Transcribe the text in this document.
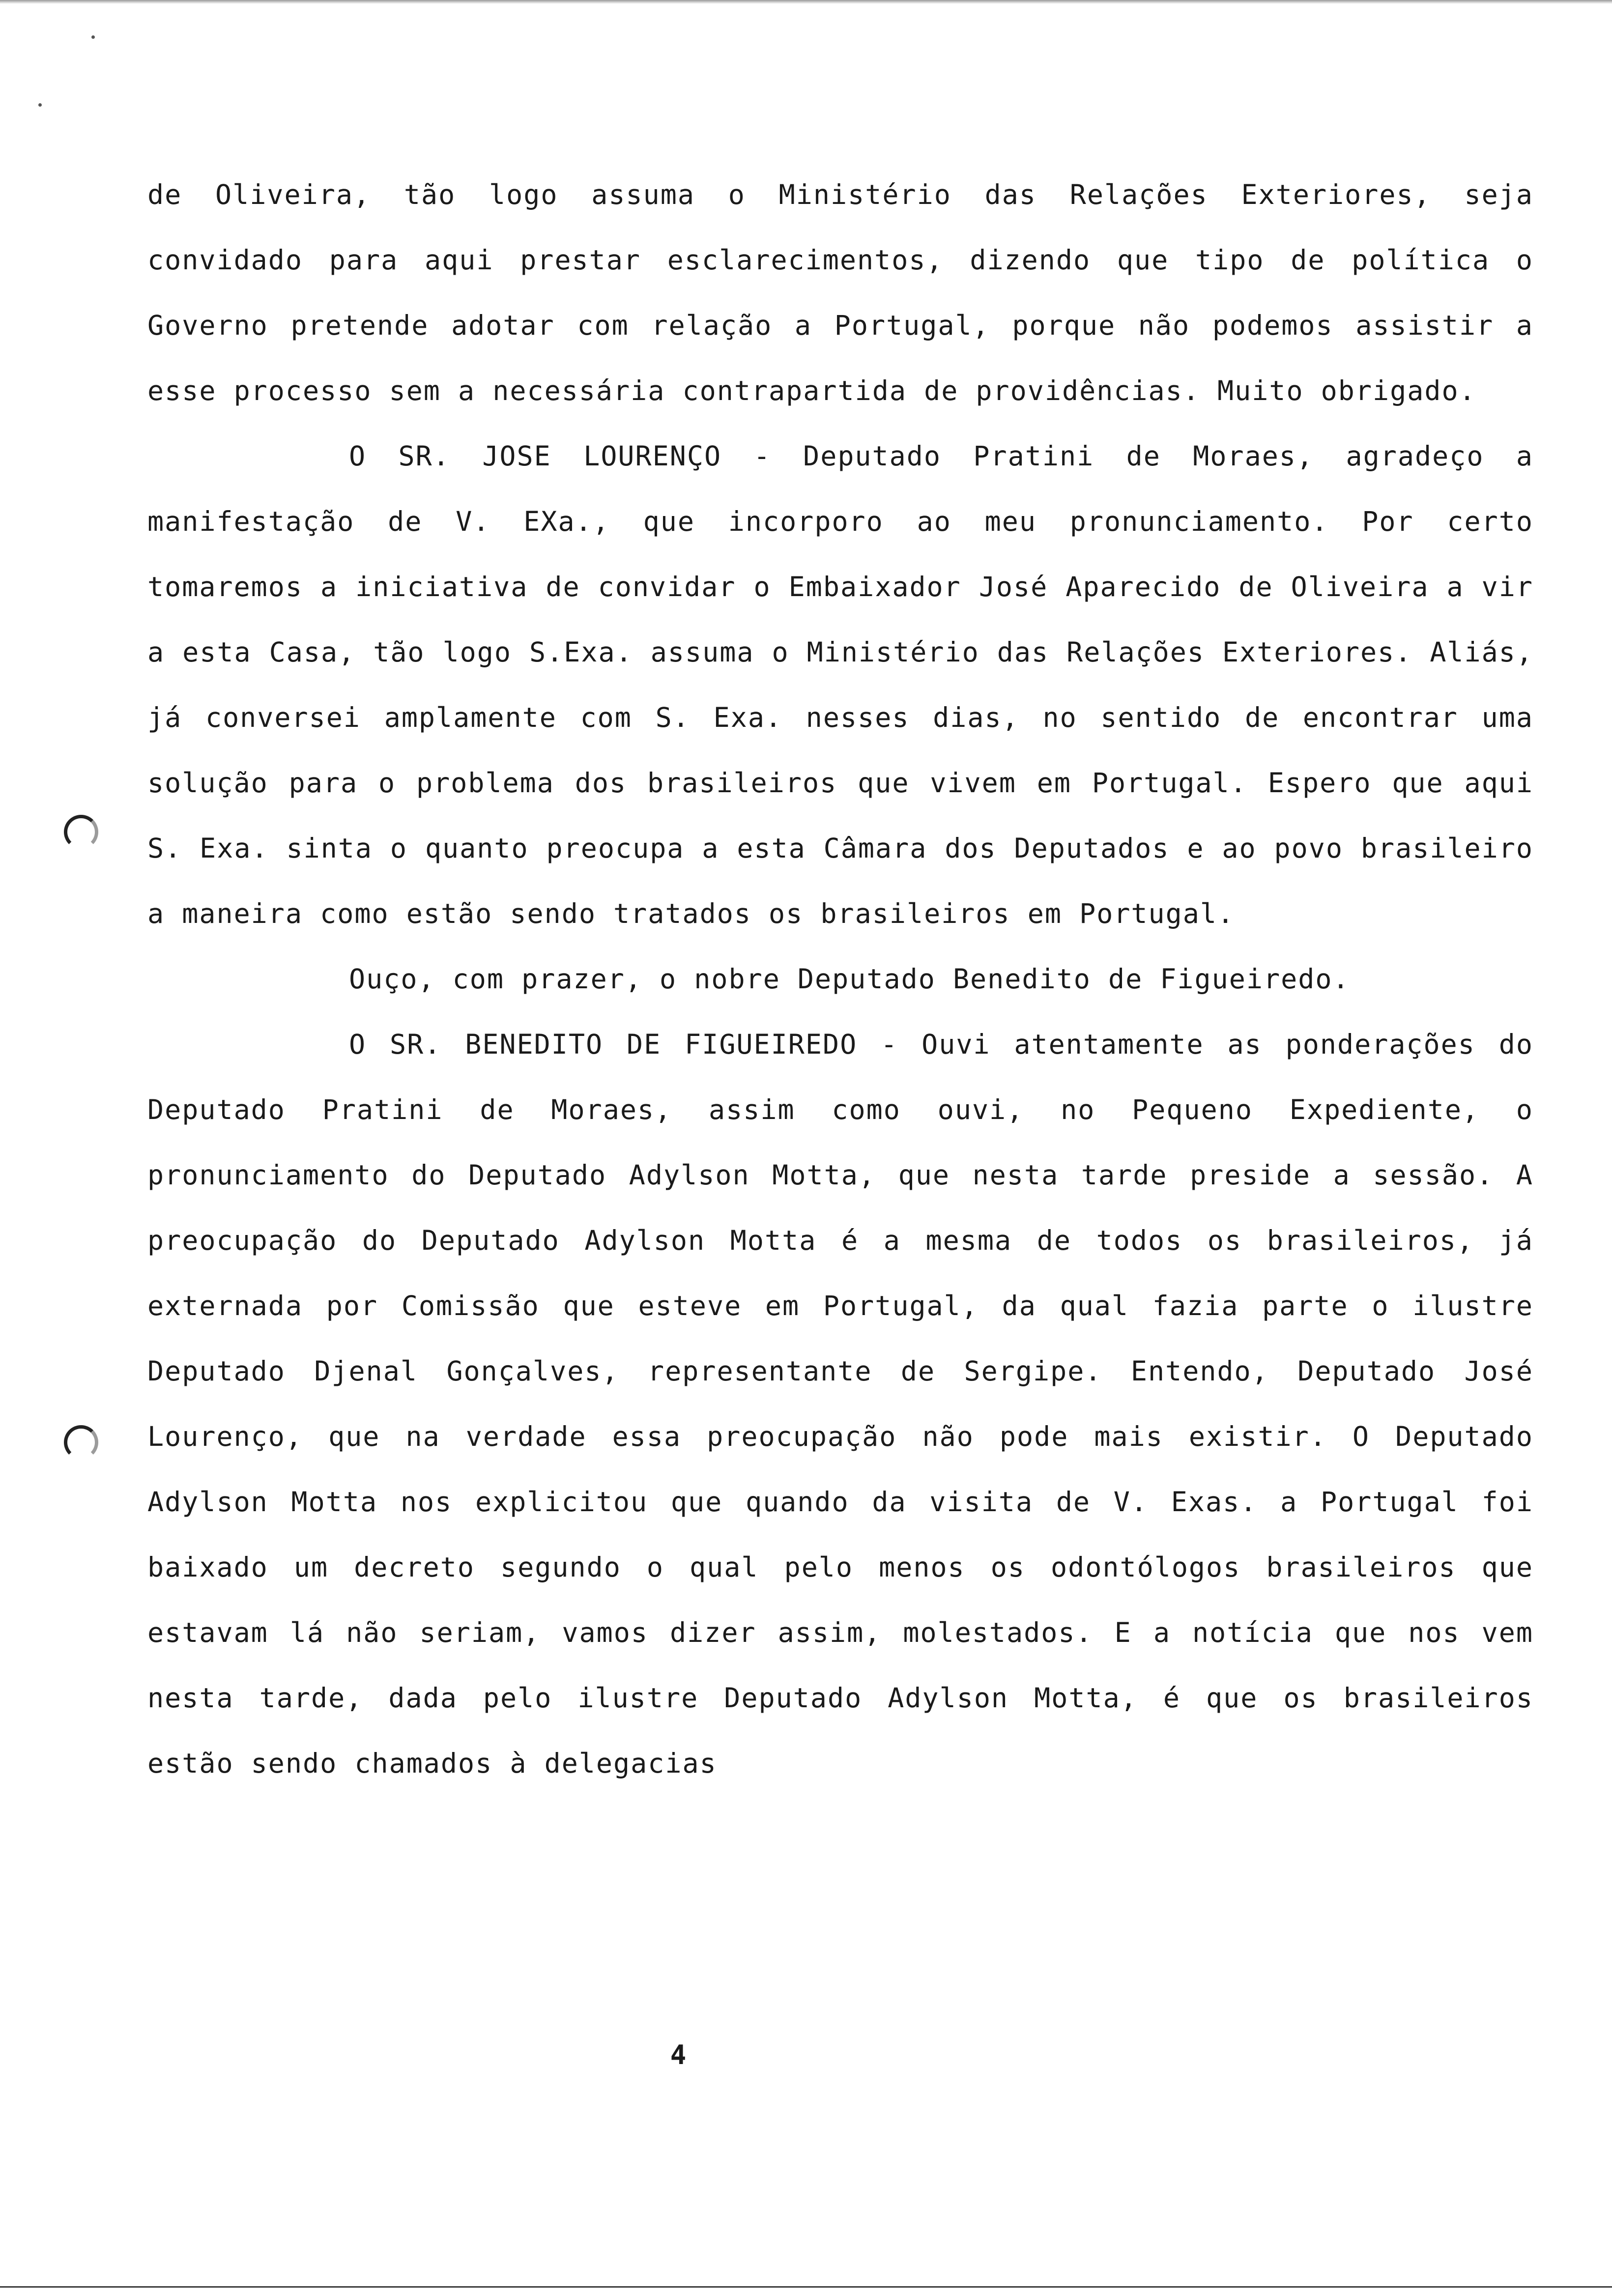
de Oliveira, tão logo assuma o Ministério das Relações Exteriores, seja convidado para aqui prestar esclarecimentos, dizendo que tipo de política o Governo pretende adotar com relação a Portugal, porque não podemos assistir a esse processo sem a necessária contrapartida de providências. Muito obrigado.

O SR. JOSE LOURENÇO - Deputado Pratini de Moraes, agradeço a manifestação de V. EXa., que incorporo ao meu pronunciamento. Por certo tomaremos a iniciativa de convidar o Embaixador José Aparecido de Oliveira a vir a esta Casa, tão logo S.Exa. assuma o Ministério das Relações Exteriores. Aliás, já conversei amplamente com S. Exa. nesses dias, no sentido de encontrar uma solução para o problema dos brasileiros que vivem em Portugal. Espero que aqui S. Exa. sinta o quanto preocupa a esta Câmara dos Deputados e ao povo brasileiro a maneira como estão sendo tratados os brasileiros em Portugal.

Ouço, com prazer, o nobre Deputado Benedito de Figueiredo.

O SR. BENEDITO DE FIGUEIREDO - Ouvi atentamente as ponderações do Deputado Pratini de Moraes, assim como ouvi, no Pequeno Expediente, o pronunciamento do Deputado Adylson Motta, que nesta tarde preside a sessão. A preocupação do Deputado Adylson Motta é a mesma de todos os brasileiros, já externada por Comissão que esteve em Portugal, da qual fazia parte o ilustre Deputado Djenal Gonçalves, representante de Sergipe. Entendo, Deputado José Lourenço, que na verdade essa preocupação não pode mais existir. O Deputado Adylson Motta nos explicitou que quando da visita de V. Exas. a Portugal foi baixado um decreto segundo o qual pelo menos os odontólogos brasileiros que estavam lá não seriam, vamos dizer assim, molestados. E a notícia que nos vem nesta tarde, dada pelo ilustre Deputado Adylson Motta, é que os brasileiros estão sendo chamados à delegacias

4
